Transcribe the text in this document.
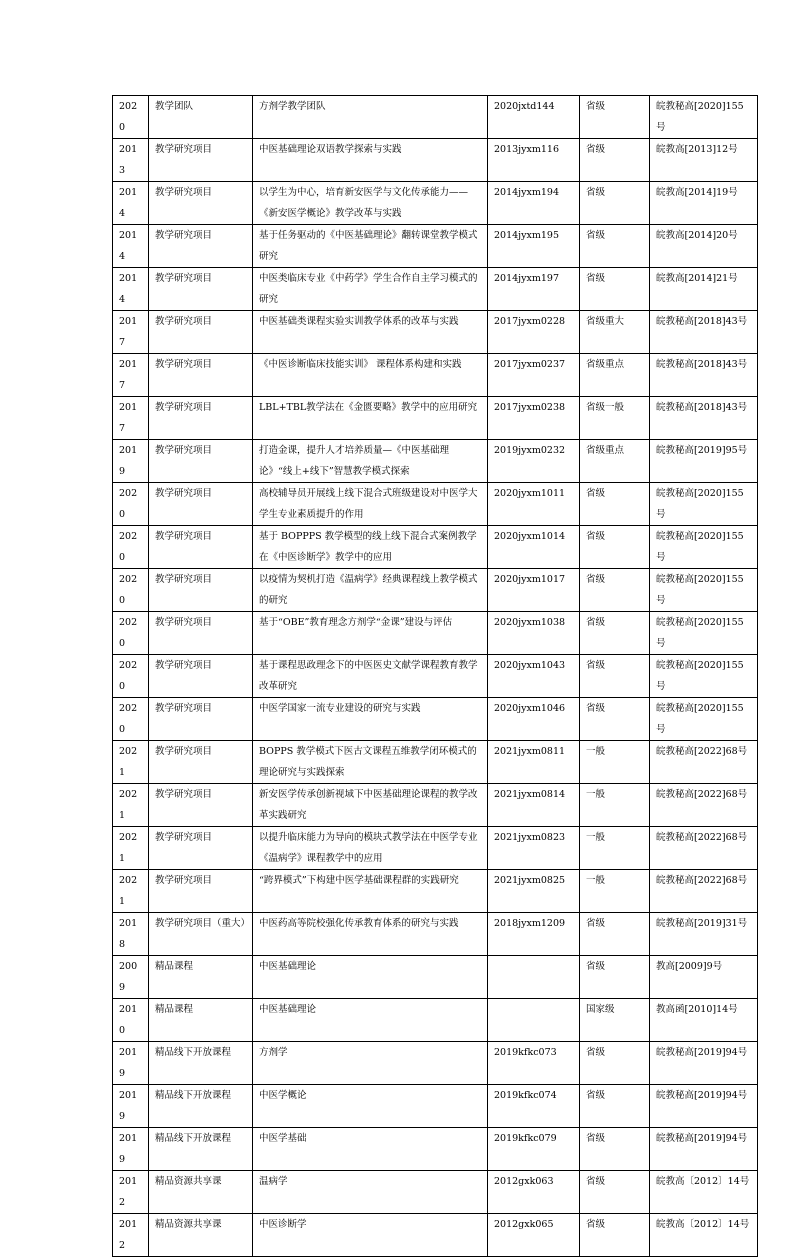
2020	教学团队	方剂学教学团队	2020jxtd144	省级	皖教秘高[2020]155号
2013	教学研究项目	中医基础理论双语教学探索与实践	2013jyxm116	省级	皖教高[2013]12号
2014	教学研究项目	以学生为中心，培育新安医学与文化传承能力——《新安医学概论》教学改革与实践	2014jyxm194	省级	皖教高[2014]19号
2014	教学研究项目	基于任务驱动的《中医基础理论》翻转课堂教学模式研究	2014jyxm195	省级	皖教高[2014]20号
2014	教学研究项目	中医类临床专业《中药学》学生合作自主学习模式的研究	2014jyxm197	省级	皖教高[2014]21号
2017	教学研究项目	中医基础类课程实验实训教学体系的改革与实践	2017jyxm0228	省级重大	皖教秘高[2018]43号
2017	教学研究项目	《中医诊断临床技能实训》 课程体系构建和实践	2017jyxm0237	省级重点	皖教秘高[2018]43号
2017	教学研究项目	LBL+TBL教学法在《金匮要略》教学中的应用研究	2017jyxm0238	省级一般	皖教秘高[2018]43号
2019	教学研究项目	打造金课，提升人才培养质量—《中医基础理论》“线上+线下”智慧教学模式探索	2019jyxm0232	省级重点	皖教秘高[2019]95号
2020	教学研究项目	高校辅导员开展线上线下混合式班级建设对中医学大学生专业素质提升的作用	2020jyxm1011	省级	皖教秘高[2020]155号
2020	教学研究项目	基于 BOPPPS 教学模型的线上线下混合式案例教学在《中医诊断学》教学中的应用	2020jyxm1014	省级	皖教秘高[2020]155号
2020	教学研究项目	以疫情为契机打造《温病学》经典课程线上教学模式的研究	2020jyxm1017	省级	皖教秘高[2020]155号
2020	教学研究项目	基于“OBE”教育理念方剂学“金课”建设与评估	2020jyxm1038	省级	皖教秘高[2020]155号
2020	教学研究项目	基于课程思政理念下的中医医史文献学课程教育教学改革研究	2020jyxm1043	省级	皖教秘高[2020]155号
2020	教学研究项目	中医学国家一流专业建设的研究与实践	2020jyxm1046	省级	皖教秘高[2020]155号
2021	教学研究项目	BOPPS 教学模式下医古文课程五维教学闭环模式的理论研究与实践探索	2021jyxm0811	一般	皖教秘高[2022]68号
2021	教学研究项目	新安医学传承创新视域下中医基础理论课程的教学改革实践研究	2021jyxm0814	一般	皖教秘高[2022]68号
2021	教学研究项目	以提升临床能力为导向的模块式教学法在中医学专业《温病学》课程教学中的应用	2021jyxm0823	一般	皖教秘高[2022]68号
2021	教学研究项目	“跨界模式”下构建中医学基础课程群的实践研究	2021jyxm0825	一般	皖教秘高[2022]68号
2018	教学研究项目（重大）	中医药高等院校强化传承教育体系的研究与实践	2018jyxm1209	省级	皖教秘高[2019]31号
2009	精品课程	中医基础理论		省级	教高[2009]9号
2010	精品课程	中医基础理论		国家级	教高函[2010]14号
2019	精品线下开放课程	方剂学	2019kfkc073	省级	皖教秘高[2019]94号
2019	精品线下开放课程	中医学概论	2019kfkc074	省级	皖教秘高[2019]94号
2019	精品线下开放课程	中医学基础	2019kfkc079	省级	皖教秘高[2019]94号
2012	精品资源共享课	温病学	2012gxk063	省级	皖教高〔2012〕14号
2012	精品资源共享课	中医诊断学	2012gxk065	省级	皖教高〔2012〕14号
